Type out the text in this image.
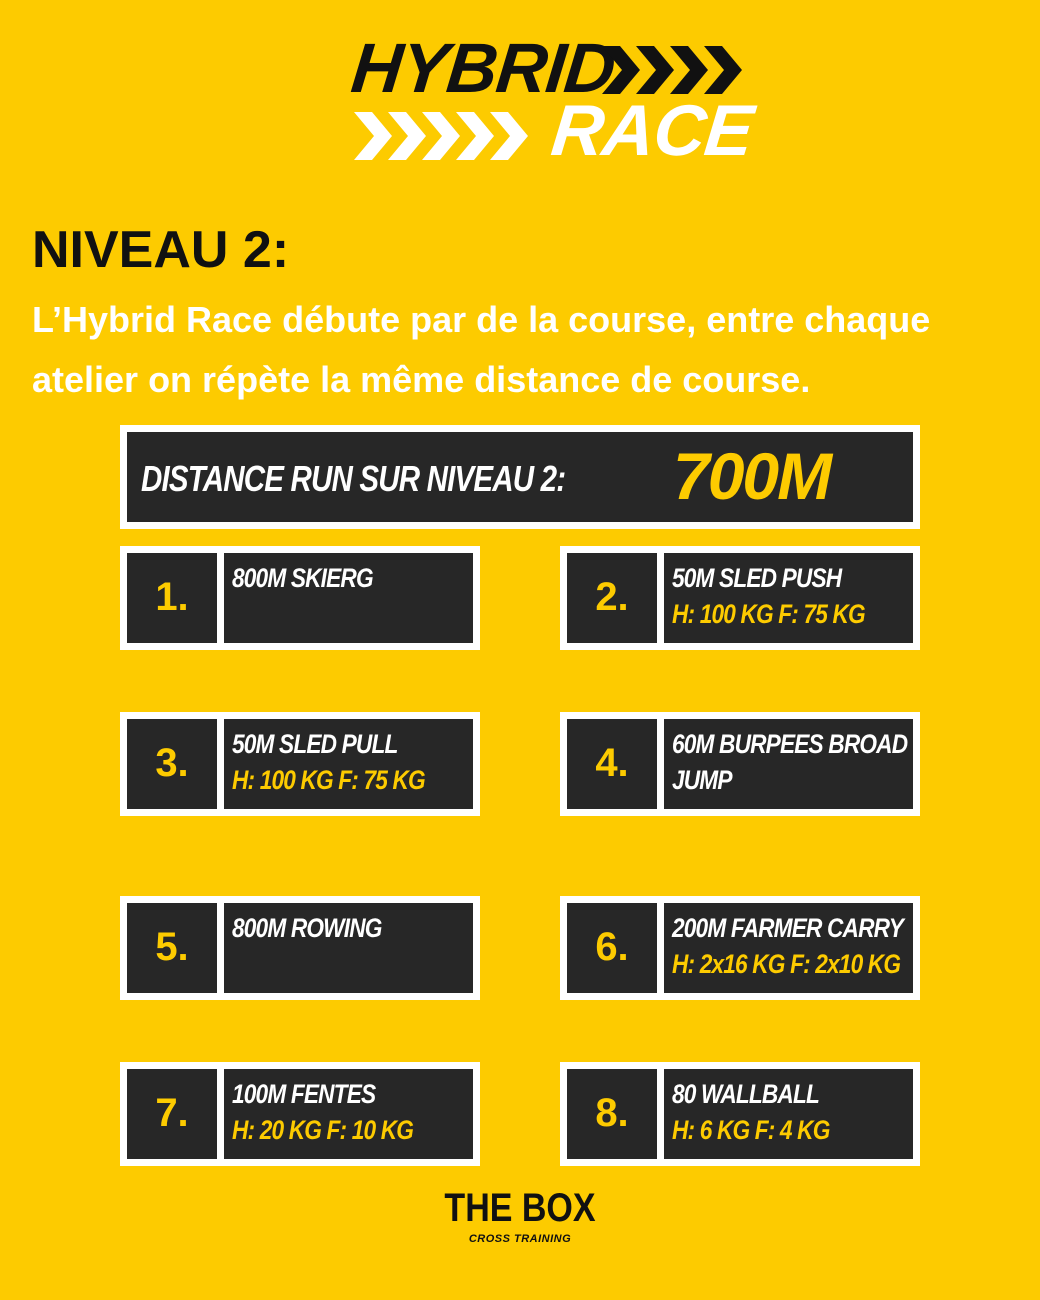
HYBRID
RACE
NIVEAU 2:
L’Hybrid Race débute par de la course, entre chaque atelier on répète la même distance de course.
DISTANCE RUN SUR NIVEAU 2: 700M
1.	800M SKIERG	2.	50M SLED PUSH
H: 100 KG F: 75 KG
3.	50M SLED PULL
H: 100 KG F: 75 KG	4.	60M BURPEES BROAD
JUMP
5.	800M ROWING	6.	200M FARMER CARRY
H: 2x16 KG F: 2x10 KG
7.	100M FENTES
H: 20 KG F: 10 KG	8.	80 WALLBALL
H: 6 KG F: 4 KG
THE BOX
CROSS TRAINING
